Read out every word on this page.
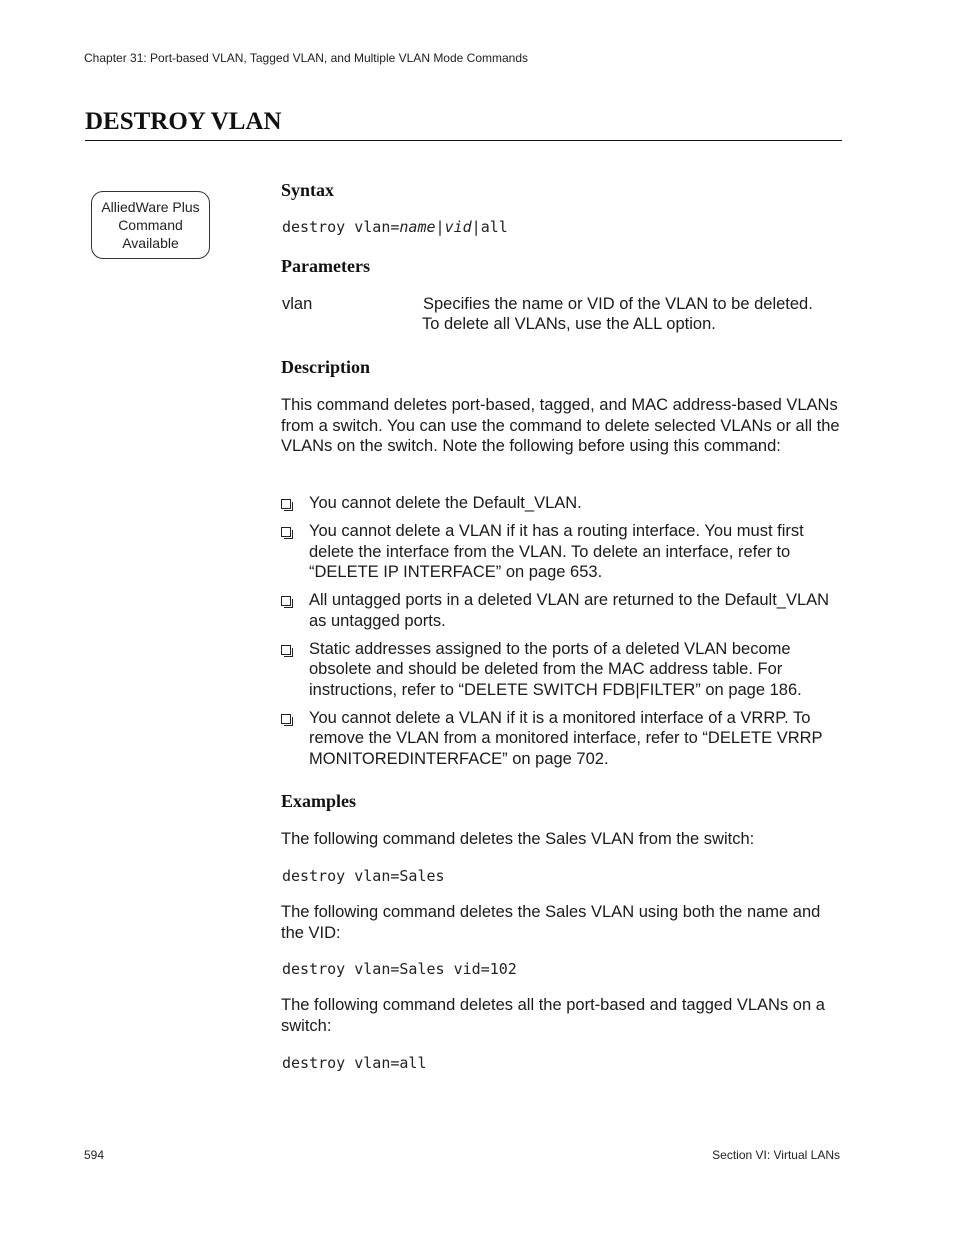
Chapter 31: Port-based VLAN, Tagged VLAN, and Multiple VLAN Mode Commands
DESTROY VLAN
AlliedWare Plus
Command
Available
Syntax
destroy vlan=name|vid|all
Parameters
vlan	Specifies the name or VID of the VLAN to be deleted.
To delete all VLANs, use the ALL option.
Description
This command deletes port-based, tagged, and MAC address-based VLANs from a switch. You can use the command to delete selected VLANs or all the VLANs on the switch. Note the following before using this command:
You cannot delete the Default_VLAN.
You cannot delete a VLAN if it has a routing interface. You must first delete the interface from the VLAN. To delete an interface, refer to “DELETE IP INTERFACE” on page 653.
All untagged ports in a deleted VLAN are returned to the Default_VLAN as untagged ports.
Static addresses assigned to the ports of a deleted VLAN become obsolete and should be deleted from the MAC address table. For instructions, refer to “DELETE SWITCH FDB|FILTER” on page 186.
You cannot delete a VLAN if it is a monitored interface of a VRRP. To remove the VLAN from a monitored interface, refer to “DELETE VRRP MONITOREDINTERFACE” on page 702.
Examples
The following command deletes the Sales VLAN from the switch:
destroy vlan=Sales
The following command deletes the Sales VLAN using both the name and the VID:
destroy vlan=Sales vid=102
The following command deletes all the port-based and tagged VLANs on a switch:
destroy vlan=all
594	Section VI: Virtual LANs
